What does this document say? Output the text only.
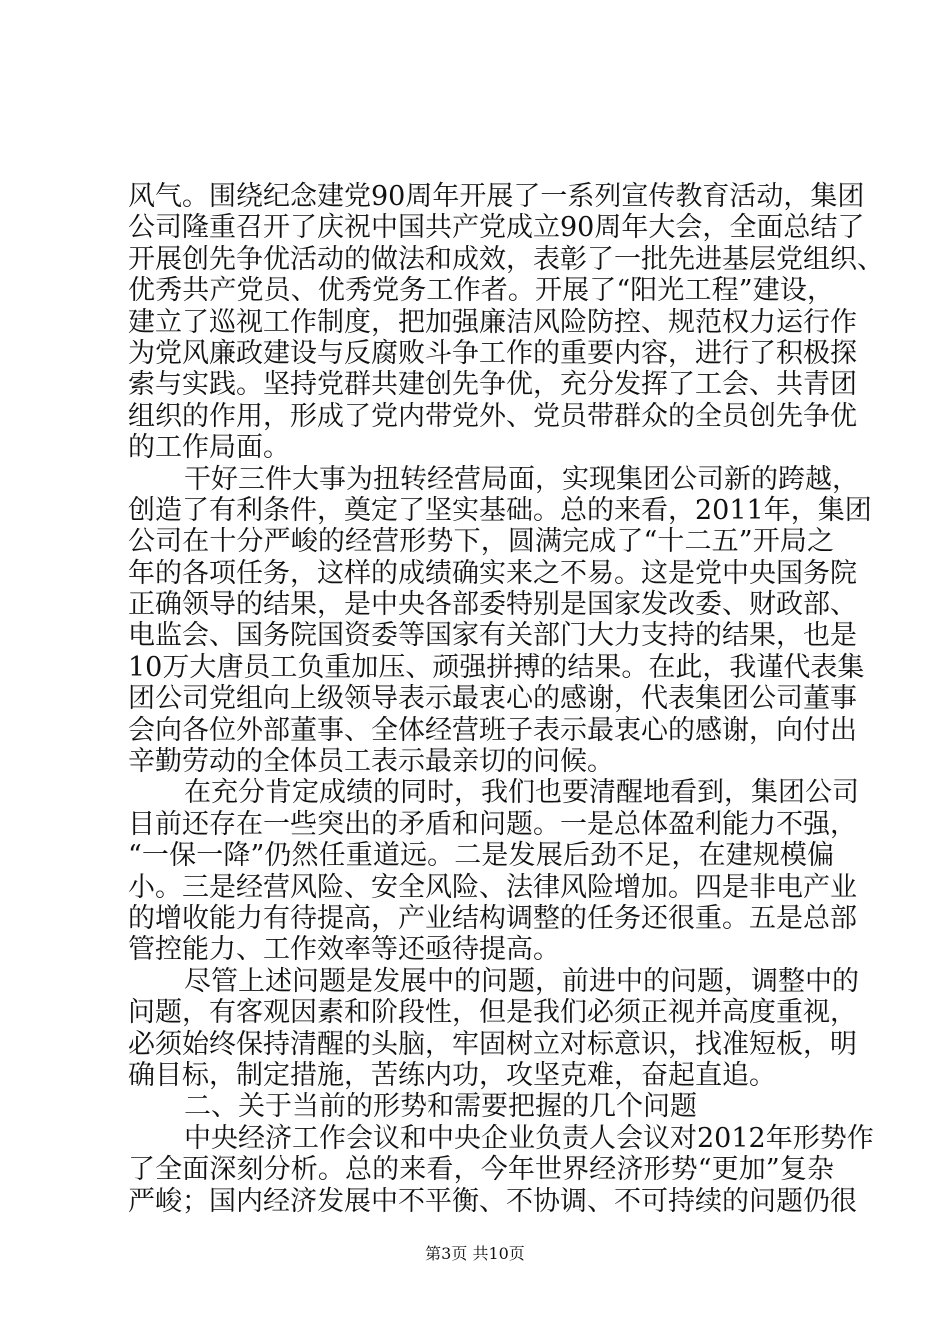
风气。围绕纪念建党90周年开展了一系列宣传教育活动，集团
公司隆重召开了庆祝中国共产党成立90周年大会，全面总结了
开展创先争优活动的做法和成效，表彰了一批先进基层党组织、
优秀共产党员、优秀党务工作者。开展了“阳光工程”建设，
建立了巡视工作制度，把加强廉洁风险防控、规范权力运行作
为党风廉政建设与反腐败斗争工作的重要内容，进行了积极探
索与实践。坚持党群共建创先争优，充分发挥了工会、共青团
组织的作用，形成了党内带党外、党员带群众的全员创先争优
的工作局面。
干好三件大事为扭转经营局面，实现集团公司新的跨越，
创造了有利条件，奠定了坚实基础。总的来看，2011年，集团
公司在十分严峻的经营形势下，圆满完成了“十二五”开局之
年的各项任务，这样的成绩确实来之不易。这是党中央国务院
正确领导的结果，是中央各部委特别是国家发改委、财政部、
电监会、国务院国资委等国家有关部门大力支持的结果，也是
10万大唐员工负重加压、顽强拼搏的结果。在此，我谨代表集
团公司党组向上级领导表示最衷心的感谢，代表集团公司董事
会向各位外部董事、全体经营班子表示最衷心的感谢，向付出
辛勤劳动的全体员工表示最亲切的问候。
在充分肯定成绩的同时，我们也要清醒地看到，集团公司
目前还存在一些突出的矛盾和问题。一是总体盈利能力不强，
“一保一降”仍然任重道远。二是发展后劲不足，在建规模偏
小。三是经营风险、安全风险、法律风险增加。四是非电产业
的增收能力有待提高，产业结构调整的任务还很重。五是总部
管控能力、工作效率等还亟待提高。
尽管上述问题是发展中的问题，前进中的问题，调整中的
问题，有客观因素和阶段性，但是我们必须正视并高度重视，
必须始终保持清醒的头脑，牢固树立对标意识，找准短板，明
确目标，制定措施，苦练内功，攻坚克难，奋起直追。
二、关于当前的形势和需要把握的几个问题
中央经济工作会议和中央企业负责人会议对2012年形势作
了全面深刻分析。总的来看，今年世界经济形势“更加”复杂
严峻；国内经济发展中不平衡、不协调、不可持续的问题仍很
第3页 共10页
